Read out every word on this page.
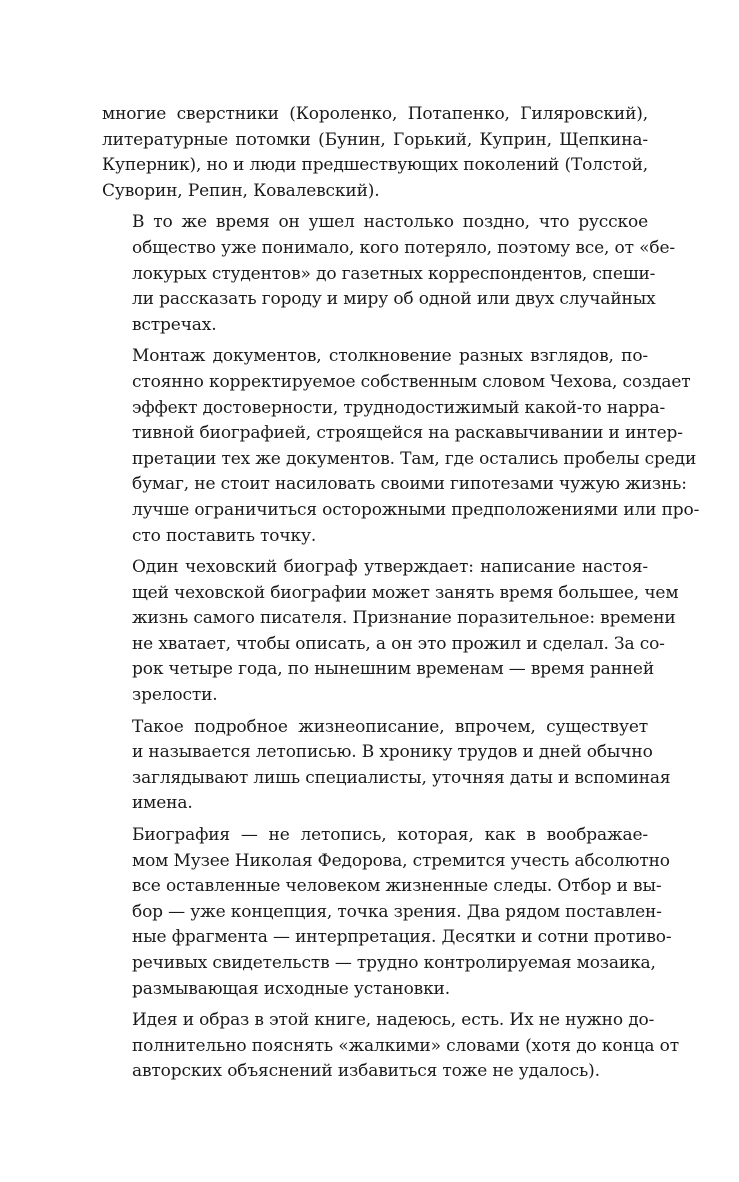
многие сверстники (Короленко, Потапенко, Гиляровский),
литературные потомки (Бунин, Горький, Куприн, Щепкина-
Куперник), но и люди предшествующих поколений (Толстой,
Суворин, Репин, Ковалевский).

В то же время он ушел настолько поздно, что русское
общество уже понимало, кого потеряло, поэтому все, от «бе-
локурых студентов» до газетных корреспондентов, спеши-
ли рассказать городу и миру об одной или двух случайных
встречах.

Монтаж документов, столкновение разных взглядов, по-
стоянно корректируемое собственным словом Чехова, создает
эффект достоверности, труднодостижимый какой-то нарра-
тивной биографией, строящейся на раскавычивании и интер-
претации тех же документов. Там, где остались пробелы среди
бумаг, не стоит насиловать своими гипотезами чужую жизнь:
лучше ограничиться осторожными предположениями или про-
сто поставить точку.

Один чеховский биограф утверждает: написание настоя-
щей чеховской биографии может занять время большее, чем
жизнь самого писателя. Признание поразительное: времени
не хватает, чтобы описать, а он это прожил и сделал. За со-
рок четыре года, по нынешним временам — время ранней
зрелости.

Такое подробное жизнеописание, впрочем, существует
и называется летописью. В хронику трудов и дней обычно
заглядывают лишь специалисты, уточняя даты и вспоминая
имена.

Биография — не летопись, которая, как в воображае-
мом Музее Николая Федорова, стремится учесть абсолютно
все оставленные человеком жизненные следы. Отбор и вы-
бор — уже концепция, точка зрения. Два рядом поставлен-
ные фрагмента — интерпретация. Десятки и сотни противо-
речивых свидетельств — трудно контролируемая мозаика,
размывающая исходные установки.

Идея и образ в этой книге, надеюсь, есть. Их не нужно до-
полнительно пояснять «жалкими» словами (хотя до конца от
авторских объяснений избавиться тоже не удалось).
